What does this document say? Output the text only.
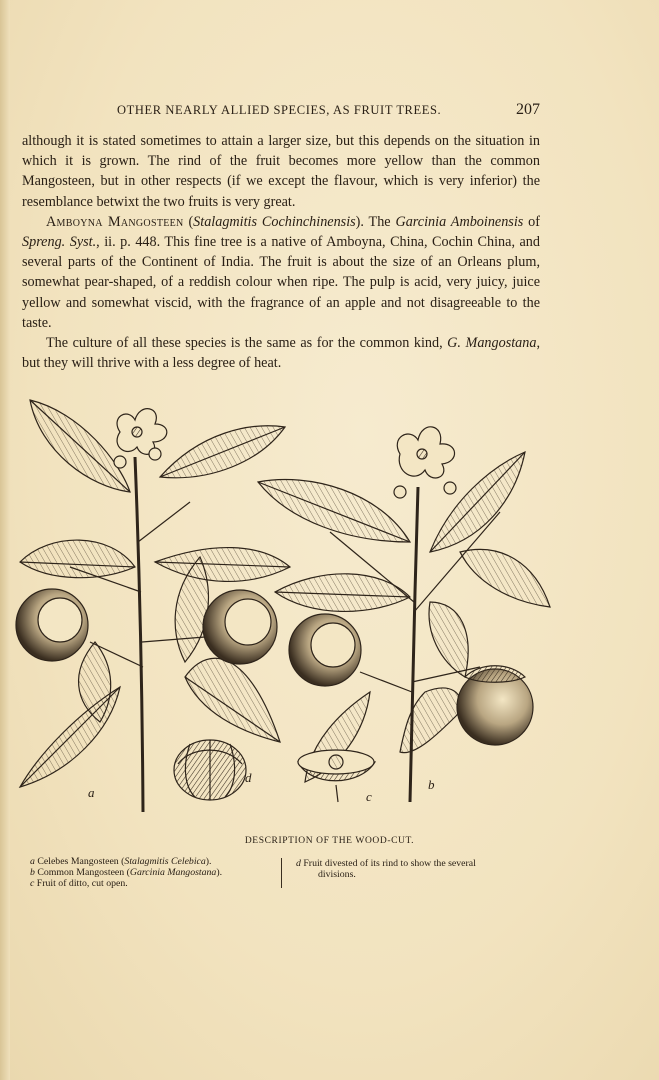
OTHER NEARLY ALLIED SPECIES, AS FRUIT TREES.	207

although it is stated sometimes to attain a larger size, but this depends on the situation in which it is grown. The rind of the fruit becomes more yellow than the common Mangosteen, but in other respects (if we except the flavour, which is very inferior) the resemblance betwixt the two fruits is very great.

Amboyna Mangosteen (Stalagmitis Cochinchinensis). The Garcinia Amboinensis of Spreng. Syst., ii. p. 448. This fine tree is a native of Amboyna, China, Cochin China, and several parts of the Continent of India. The fruit is about the size of an Orleans plum, somewhat pear-shaped, of a reddish colour when ripe. The pulp is acid, very juicy, juice yellow and somewhat viscid, with the fragrance of an apple and not disagreeable to the taste.

The culture of all these species is the same as for the common kind, G. Mangostana, but they will thrive with a less degree of heat.

a
d
c
b
DESCRIPTION OF THE WOOD-CUT.
a Celebes Mangosteen (Stalagmitis Celebica).
b Common Mangosteen (Garcinia Mangostana).
c Fruit of ditto, cut open.
d Fruit divested of its rind to show the several
divisions.
